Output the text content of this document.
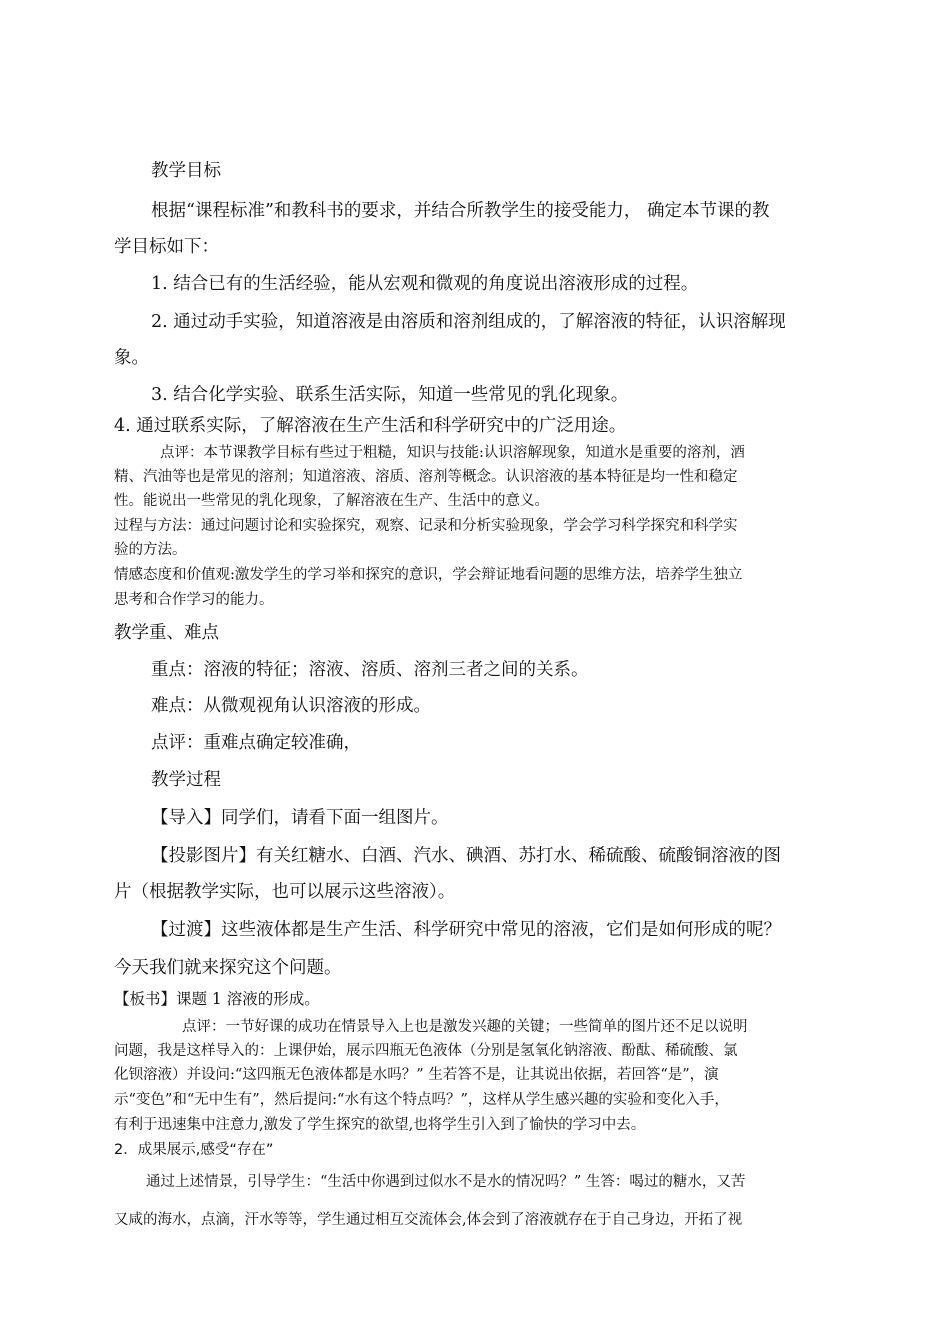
教学目标
根据“课程标准”和教科书的要求，并结合所教学生的接受能力， 确定本节课的教
学目标如下：
1. 结合已有的生活经验，能从宏观和微观的角度说出溶液形成的过程。
2. 通过动手实验，知道溶液是由溶质和溶剂组成的，了解溶液的特征，认识溶解现
象。
3. 结合化学实验、联系生活实际，知道一些常见的乳化现象。
4. 通过联系实际，了解溶液在生产生活和科学研究中的广泛用途。
点评：本节课教学目标有些过于粗糙，知识与技能:认识溶解现象，知道水是重要的溶剂，酒
精、汽油等也是常见的溶剂；知道溶液、溶质、溶剂等概念。认识溶液的基本特征是均一性和稳定
性。能说出一些常见的乳化现象，了解溶液在生产、生活中的意义。
过程与方法：通过问题讨论和实验探究，观察、记录和分析实验现象，学会学习科学探究和科学实
验的方法。
情感态度和价值观:激发学生的学习举和探究的意识，学会辩证地看问题的思维方法，培养学生独立
思考和合作学习的能力。
教学重、难点
重点：溶液的特征；溶液、溶质、溶剂三者之间的关系。
难点：从微观视角认识溶液的形成。
点评：重难点确定较准确，
教学过程
【导入】同学们，请看下面一组图片。
【投影图片】有关红糖水、白酒、汽水、碘酒、苏打水、稀硫酸、硫酸铜溶液的图
片（根据教学实际，也可以展示这些溶液）。
【过渡】这些液体都是生产生活、科学研究中常见的溶液，它们是如何形成的呢？
今天我们就来探究这个问题。
【板书】课题 1 溶液的形成。
点评：一节好课的成功在情景导入上也是激发兴趣的关键；一些简单的图片还不足以说明
问题，我是这样导入的：上课伊始，展示四瓶无色液体（分别是氢氧化钠溶液、酚酞、稀硫酸、氯
化钡溶液）并设问:“这四瓶无色液体都是水吗？” 生若答不是，让其说出依据，若回答“是”，演
示“变色”和“无中生有”，然后提问:“水有这个特点吗？”，这样从学生感兴趣的实验和变化入手，
有利于迅速集中注意力,激发了学生探究的欲望,也将学生引入到了愉快的学习中去。
2．成果展示,感受“存在”
通过上述情景，引导学生：“生活中你遇到过似水不是水的情况吗？” 生答：喝过的糖水，又苦
又咸的海水，点滴，汗水等等，学生通过相互交流体会,体会到了溶液就存在于自己身边，开拓了视
